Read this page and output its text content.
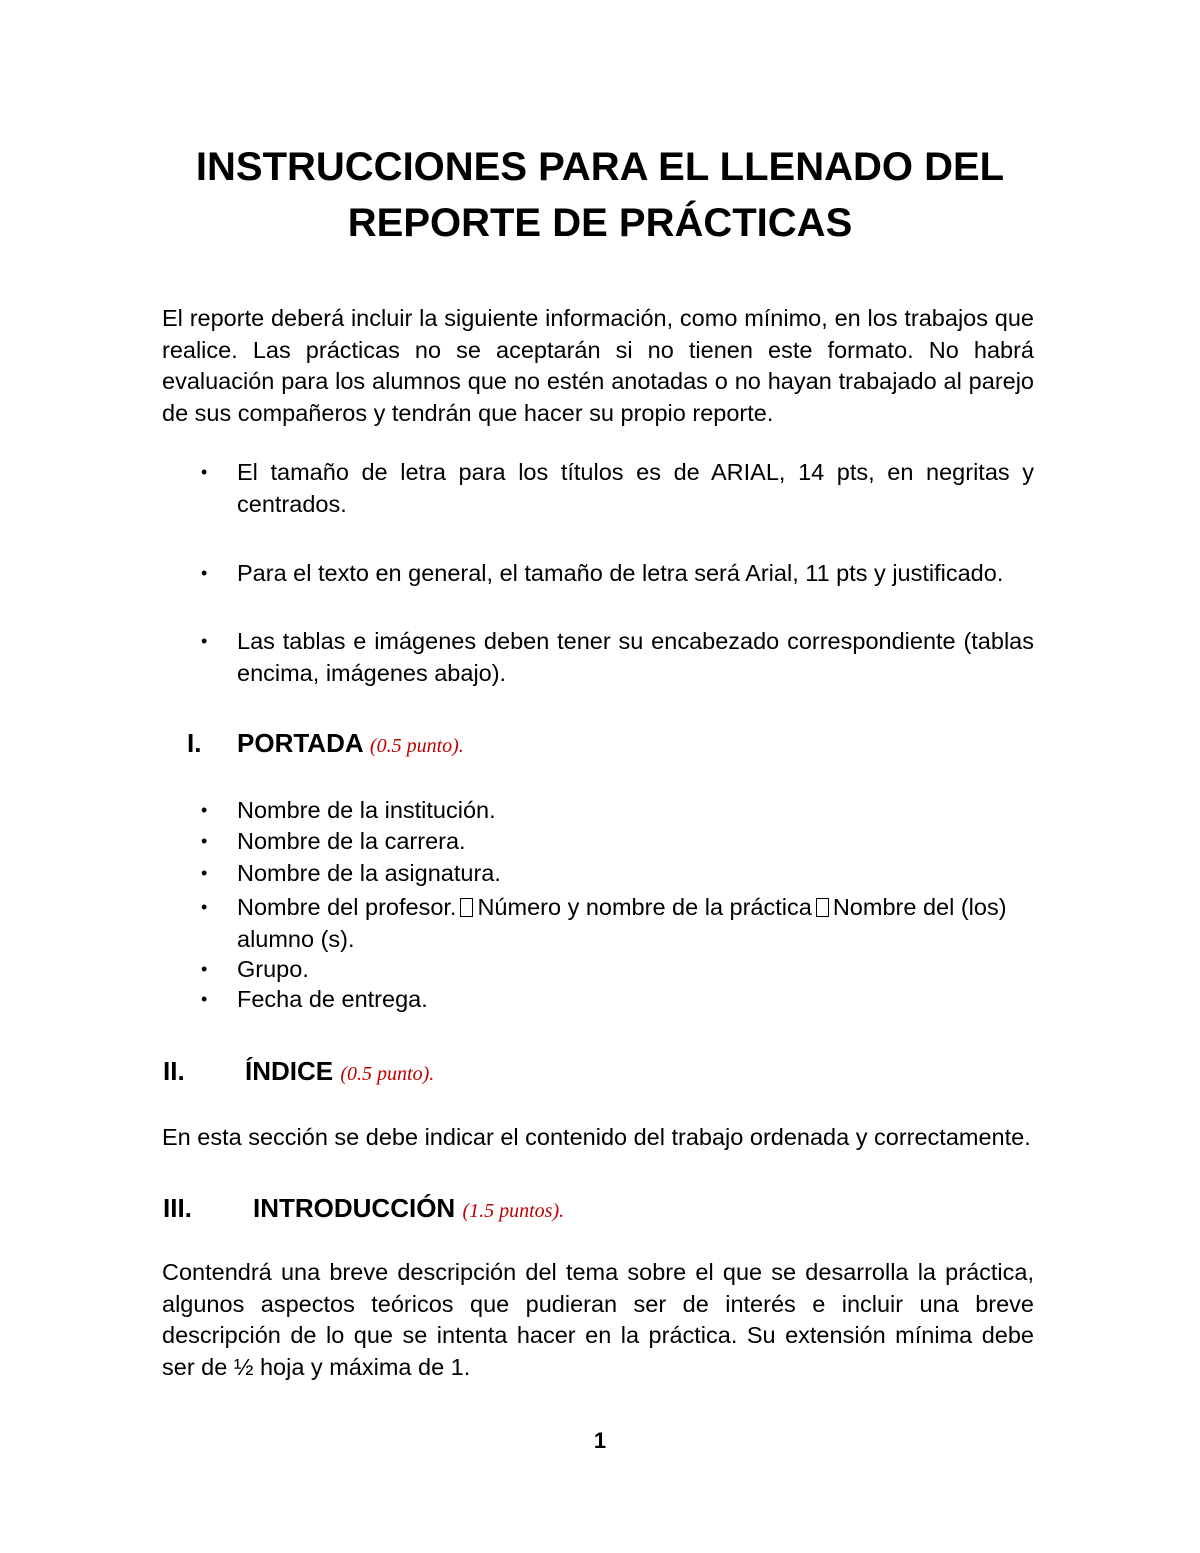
INSTRUCCIONES PARA EL LLENADO DEL
REPORTE DE PRÁCTICAS

El reporte deberá incluir la siguiente información, como mínimo, en los trabajos que realice. Las prácticas no se aceptarán si no tienen este formato. No habrá evaluación para los alumnos que no estén anotadas o no hayan trabajado al parejo de sus compañeros y tendrán que hacer su propio reporte.

• El tamaño de letra para los títulos es de ARIAL, 14 pts, en negritas y
centrados.
• Para el texto en general, el tamaño de letra será Arial, 11 pts y justificado.
• Las tablas e imágenes deben tener su encabezado correspondiente (tablas
encima, imágenes abajo).
I. PORTADA (0.5 punto).
• Nombre de la institución.
• Nombre de la carrera.
• Nombre de la asignatura.
• Nombre del profesor. Número y nombre de la práctica Nombre del (los)
alumno (s).
• Grupo.
• Fecha de entrega.
II. ÍNDICE (0.5 punto).

En esta sección se debe indicar el contenido del trabajo ordenada y correctamente.

III. INTRODUCCIÓN (1.5 puntos).

Contendrá una breve descripción del tema sobre el que se desarrolla la práctica, algunos aspectos teóricos que pudieran ser de interés e incluir una breve descripción de lo que se intenta hacer en la práctica. Su extensión mínima debe ser de ½ hoja y máxima de 1.

1
